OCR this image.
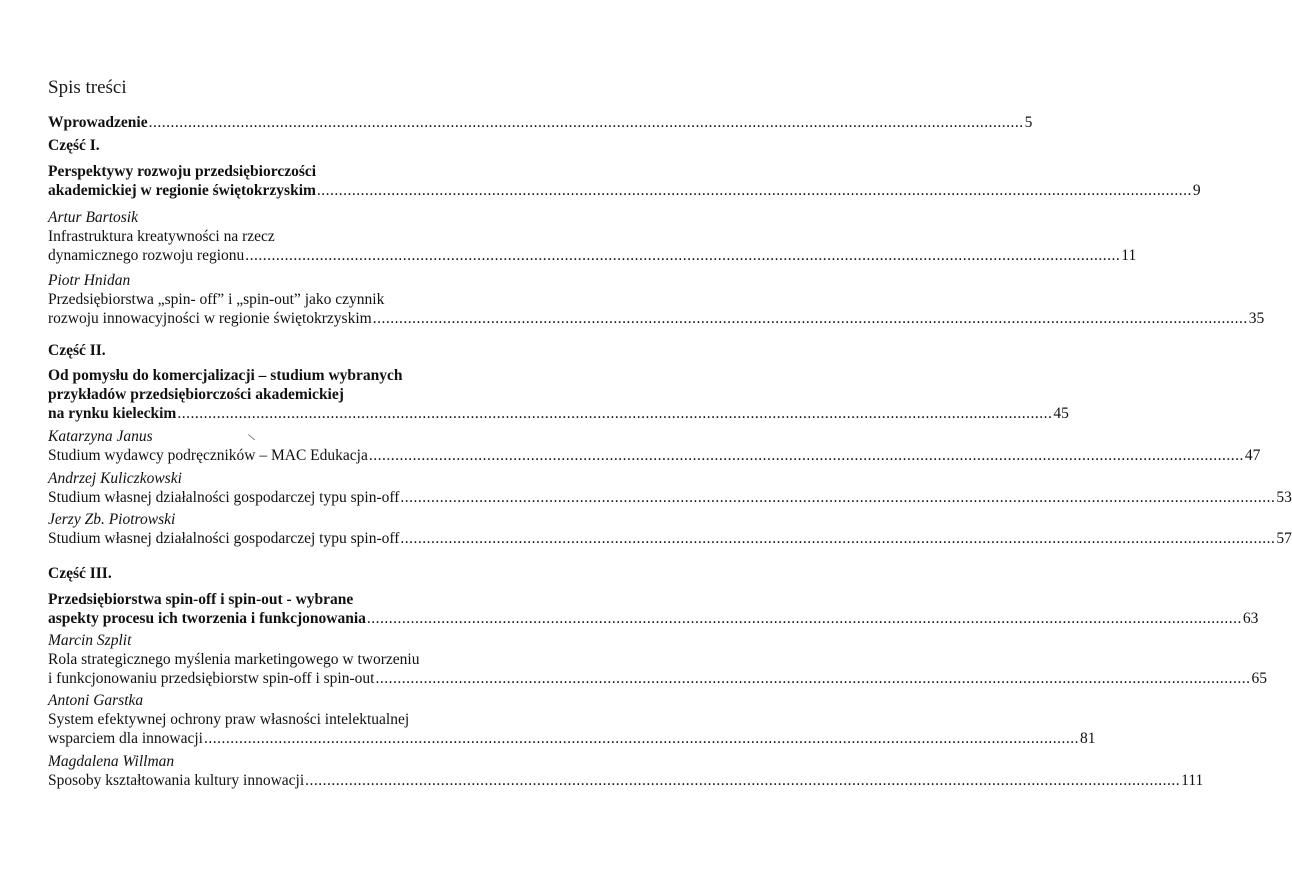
Spis treści
Wprowadzenie ........................................................................................................................................................................................................ 5
Część I.
Perspektywy rozwoju przedsiębiorczości
akademickiej w regionie świętokrzyskim ........................................................................................................................................................................................................ 9
Artur Bartosik
Infrastruktura kreatywności na rzecz
dynamicznego rozwoju regionu ........................................................................................................................................................................................................ 11
Piotr Hnidan
Przedsiębiorstwa „spin- off” i „spin-out” jako czynnik
rozwoju innowacyjności w regionie świętokrzyskim ........................................................................................................................................................................................................ 35
Część II.
Od pomysłu do komercjalizacji – studium wybranych
przykładów przedsiębiorczości akademickiej
na rynku kieleckim ........................................................................................................................................................................................................ 45
Katarzyna Janus
Studium wydawcy podręczników – MAC Edukacja ........................................................................................................................................................................................................ 47
Andrzej Kuliczkowski
Studium własnej działalności gospodarczej typu spin-off ........................................................................................................................................................................................................ 53
Jerzy Zb. Piotrowski
Studium własnej działalności gospodarczej typu spin-off ........................................................................................................................................................................................................ 57
Część III.
Przedsiębiorstwa spin-off i spin-out - wybrane
aspekty procesu ich tworzenia i funkcjonowania ........................................................................................................................................................................................................ 63
Marcin Szplit
Rola strategicznego myślenia marketingowego w tworzeniu
i funkcjonowaniu przedsiębiorstw spin-off i spin-out ........................................................................................................................................................................................................ 65
Antoni Garstka
System efektywnej ochrony praw własności intelektualnej
wsparciem dla innowacji ........................................................................................................................................................................................................ 81
Magdalena Willman
Sposoby kształtowania kultury innowacji ........................................................................................................................................................................................................ 111
\
